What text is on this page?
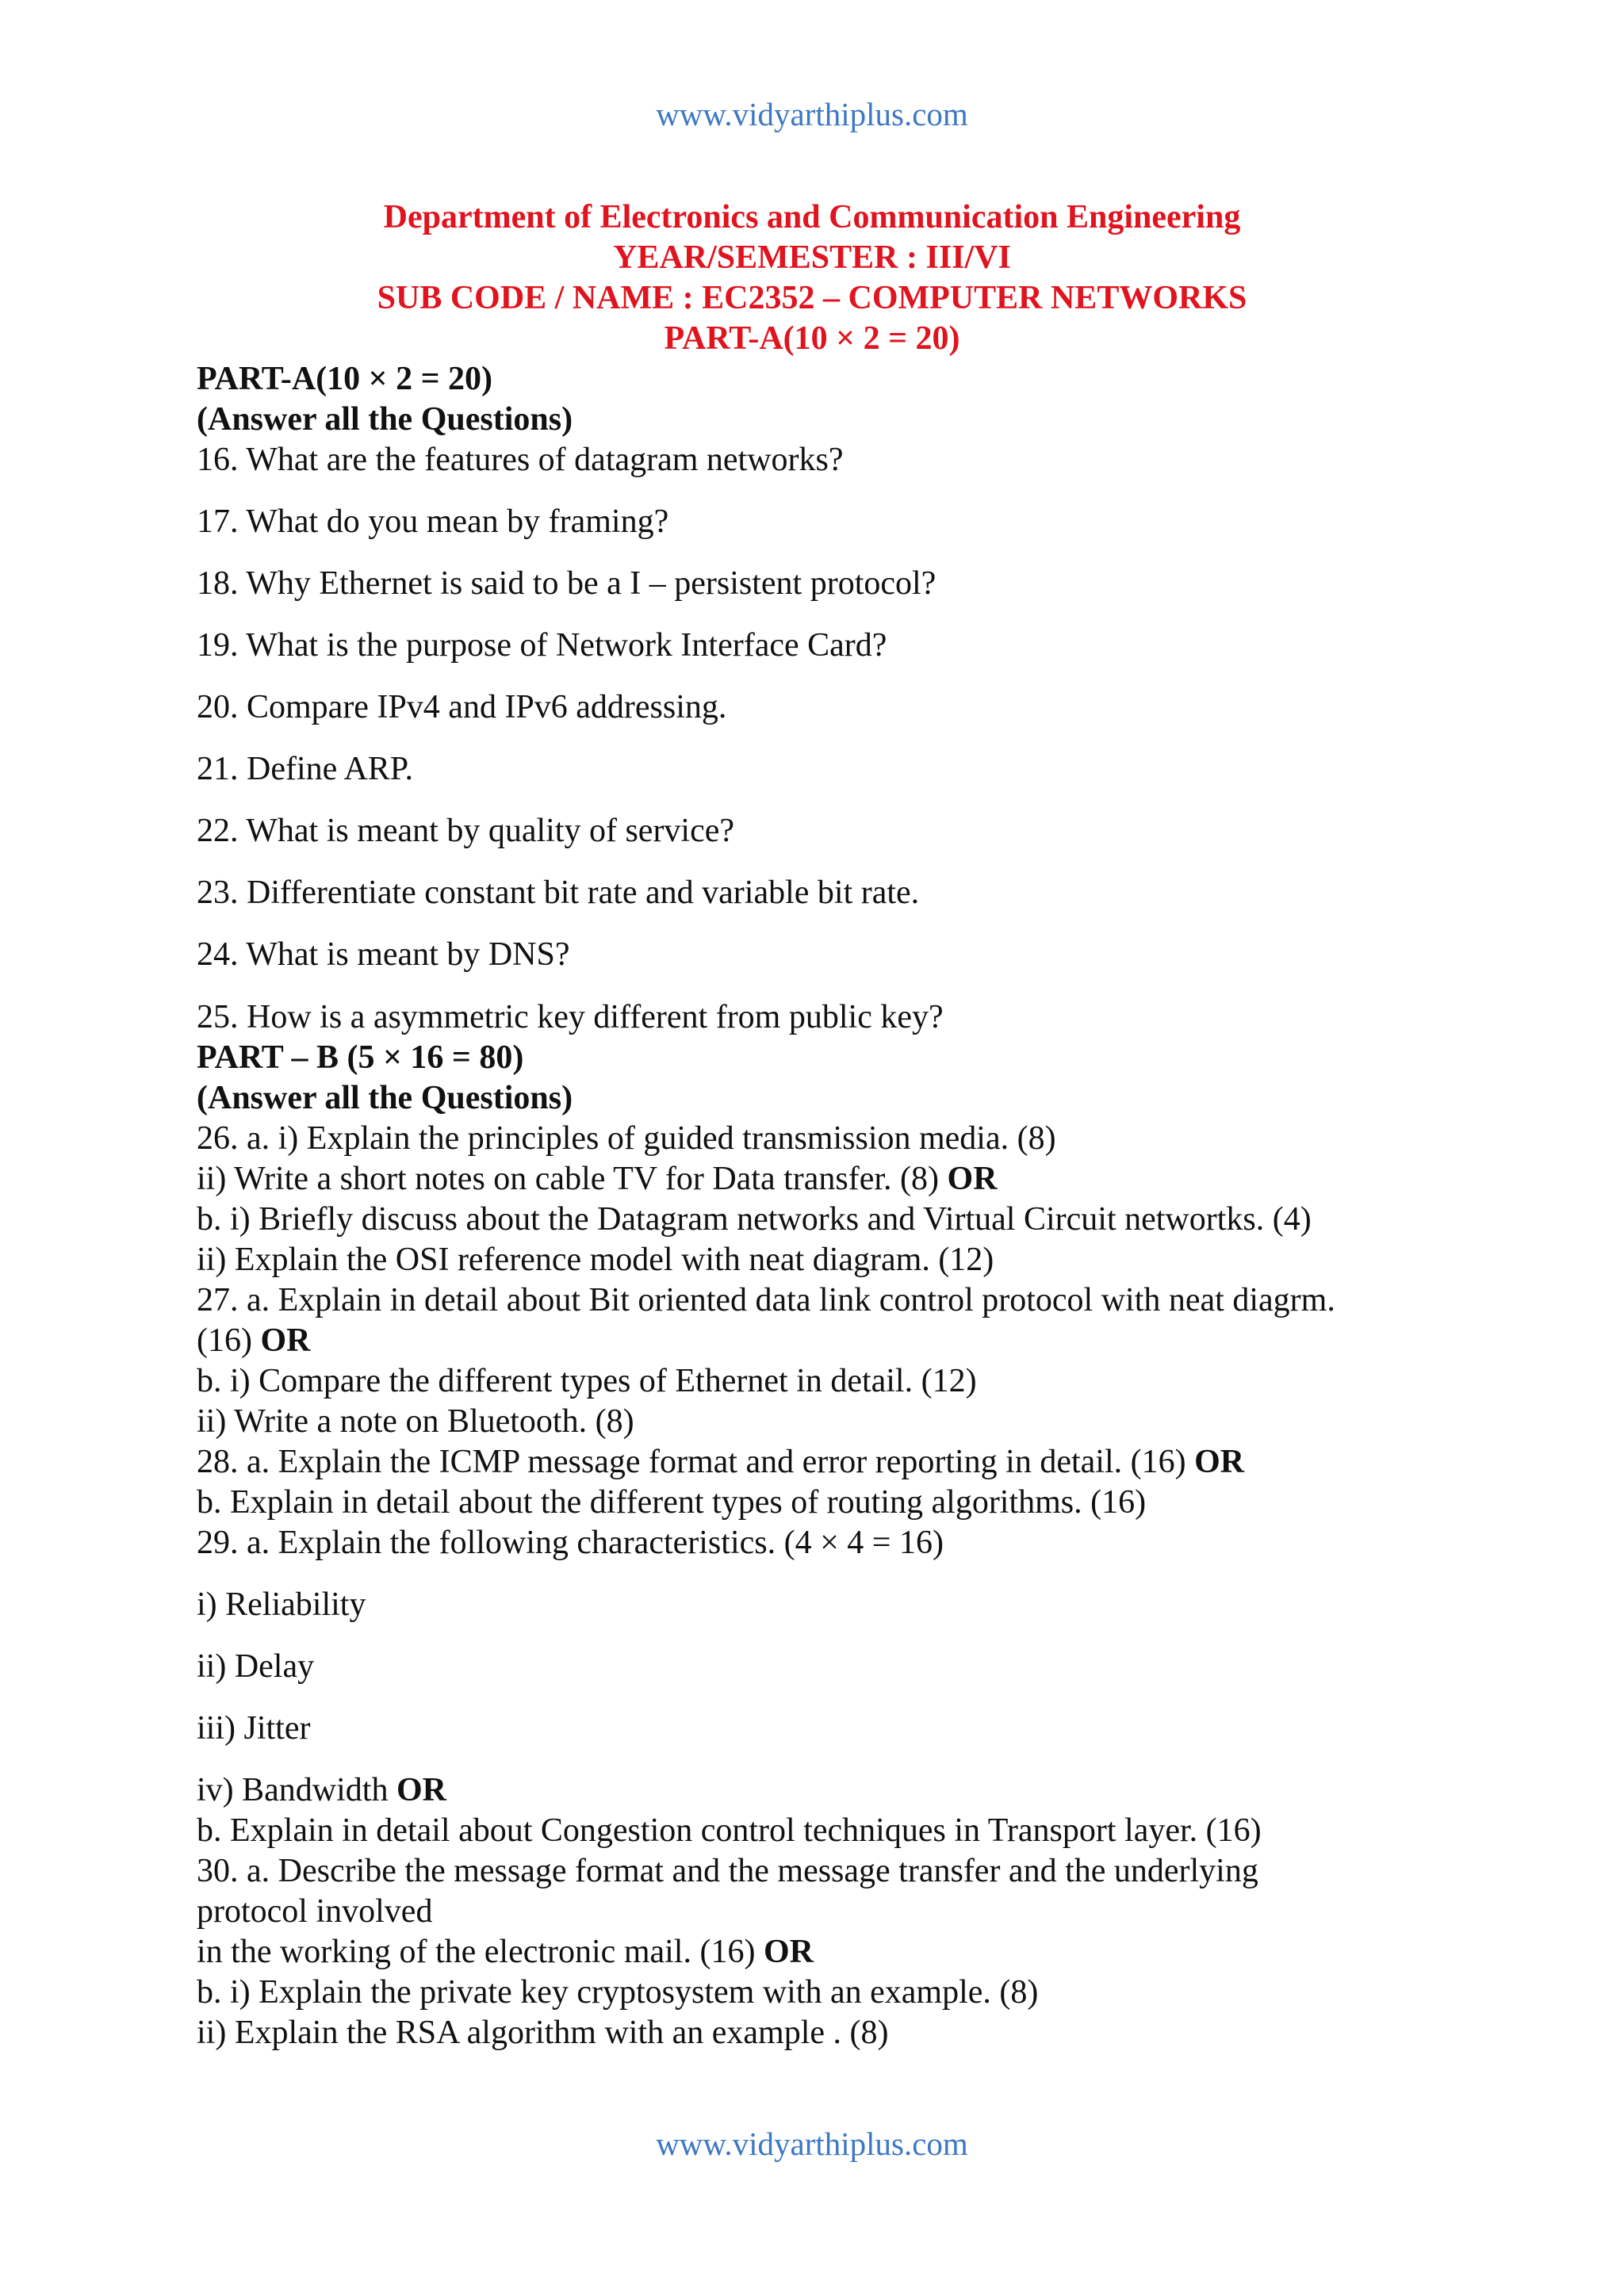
www.vidyarthiplus.com
Department of Electronics and Communication Engineering
YEAR/SEMESTER : III/VI
SUB CODE / NAME : EC2352 – COMPUTER NETWORKS
PART-A(10 × 2 = 20)
PART-A(10 × 2 = 20)
(Answer all the Questions)
16. What are the features of datagram networks?
17. What do you mean by framing?
18. Why Ethernet is said to be a I – persistent protocol?
19. What is the purpose of Network Interface Card?
20. Compare IPv4 and IPv6 addressing.
21. Define ARP.
22. What is meant by quality of service?
23. Differentiate constant bit rate and variable bit rate.
24. What is meant by DNS?
25. How is a asymmetric key different from public key?
PART – B (5 × 16 = 80)
(Answer all the Questions)
26. a. i) Explain the principles of guided transmission media. (8)
ii) Write a short notes on cable TV for Data transfer. (8) OR
b. i) Briefly discuss about the Datagram networks and Virtual Circuit networtks. (4)
ii) Explain the OSI reference model with neat diagram. (12)
27. a. Explain in detail about Bit oriented data link control protocol with neat diagrm.
(16) OR
b. i) Compare the different types of Ethernet in detail. (12)
ii) Write a note on Bluetooth. (8)
28. a. Explain the ICMP message format and error reporting in detail. (16) OR
b. Explain in detail about the different types of routing algorithms. (16)
29. a. Explain the following characteristics. (4 × 4 = 16)
i) Reliability
ii) Delay
iii) Jitter
iv) Bandwidth OR
b. Explain in detail about Congestion control techniques in Transport layer. (16)
30. a. Describe the message format and the message transfer and the underlying
protocol involved
in the working of the electronic mail. (16) OR
b. i) Explain the private key cryptosystem with an example. (8)
ii) Explain the RSA algorithm with an example . (8)
www.vidyarthiplus.com
